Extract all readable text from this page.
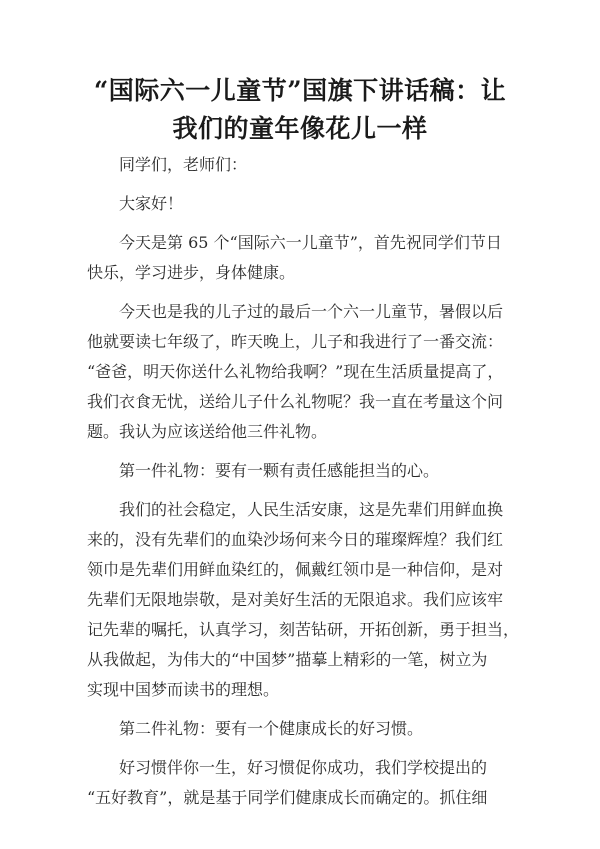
“国际六一儿童节”国旗下讲话稿：让
我们的童年像花儿一样
同学们，老师们：
大家好！
今天是第 65 个“国际六一儿童节”，首先祝同学们节日
快乐，学习进步，身体健康。
今天也是我的儿子过的最后一个六一儿童节，暑假以后
他就要读七年级了，昨天晚上，儿子和我进行了一番交流：
“爸爸，明天你送什么礼物给我啊？”现在生活质量提高了，
我们衣食无忧，送给儿子什么礼物呢？我一直在考量这个问
题。我认为应该送给他三件礼物。
第一件礼物：要有一颗有责任感能担当的心。
我们的社会稳定，人民生活安康，这是先辈们用鲜血换
来的，没有先辈们的血染沙场何来今日的璀璨辉煌？我们红
领巾是先辈们用鲜血染红的，佩戴红领巾是一种信仰，是对
先辈们无限地崇敬，是对美好生活的无限追求。我们应该牢
记先辈的嘱托，认真学习，刻苦钻研，开拓创新，勇于担当，
从我做起，为伟大的“中国梦”描摹上精彩的一笔，树立为
实现中国梦而读书的理想。
第二件礼物：要有一个健康成长的好习惯。
好习惯伴你一生，好习惯促你成功，我们学校提出的
“五好教育”，就是基于同学们健康成长而确定的。抓住细
